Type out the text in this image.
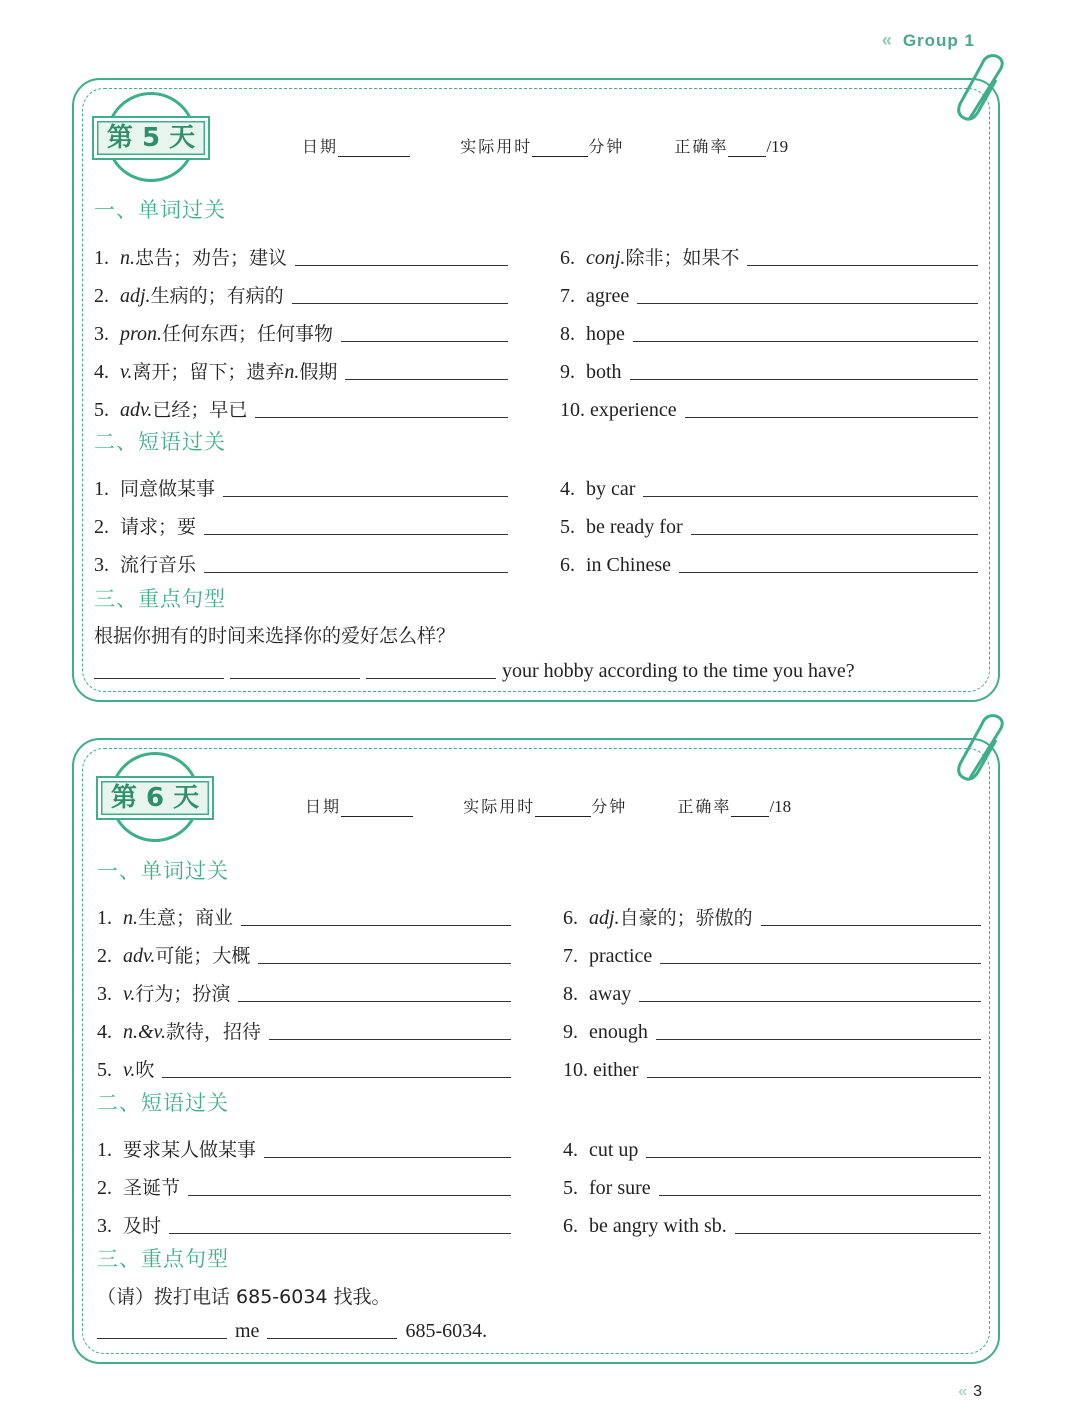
« Group 1
第 5 天	日期	实际用时	分钟	正确率 /19
一、单词过关
1. n. 忠告；劝告；建议
2. adj. 生病的；有病的
3. pron. 任何东西；任何事物
4. v. 离开；留下；遗弃 n. 假期
5. adv. 已经；早已
6. conj. 除非；如果不
7. agree
8. hope
9. both
10. experience
二、短语过关
1. 同意做某事
2. 请求；要
3. 流行音乐
4. by car
5. be ready for
6. in Chinese
三、重点句型
根据你拥有的时间来选择你的爱好怎么样？
your hobby according to the time you have?
第 6 天	日期	实际用时	分钟	正确率 /18
一、单词过关
1. n. 生意；商业
2. adv. 可能；大概
3. v. 行为；扮演
4. n.&v. 款待，招待
5. v. 吹
6. adj. 自豪的；骄傲的
7. practice
8. away
9. enough
10. either
二、短语过关
1. 要求某人做某事
2. 圣诞节
3. 及时
4. cut up
5. for sure
6. be angry with sb.
三、重点句型
（请）拨打电话 685-6034 找我。
me	685-6034.
« 3
